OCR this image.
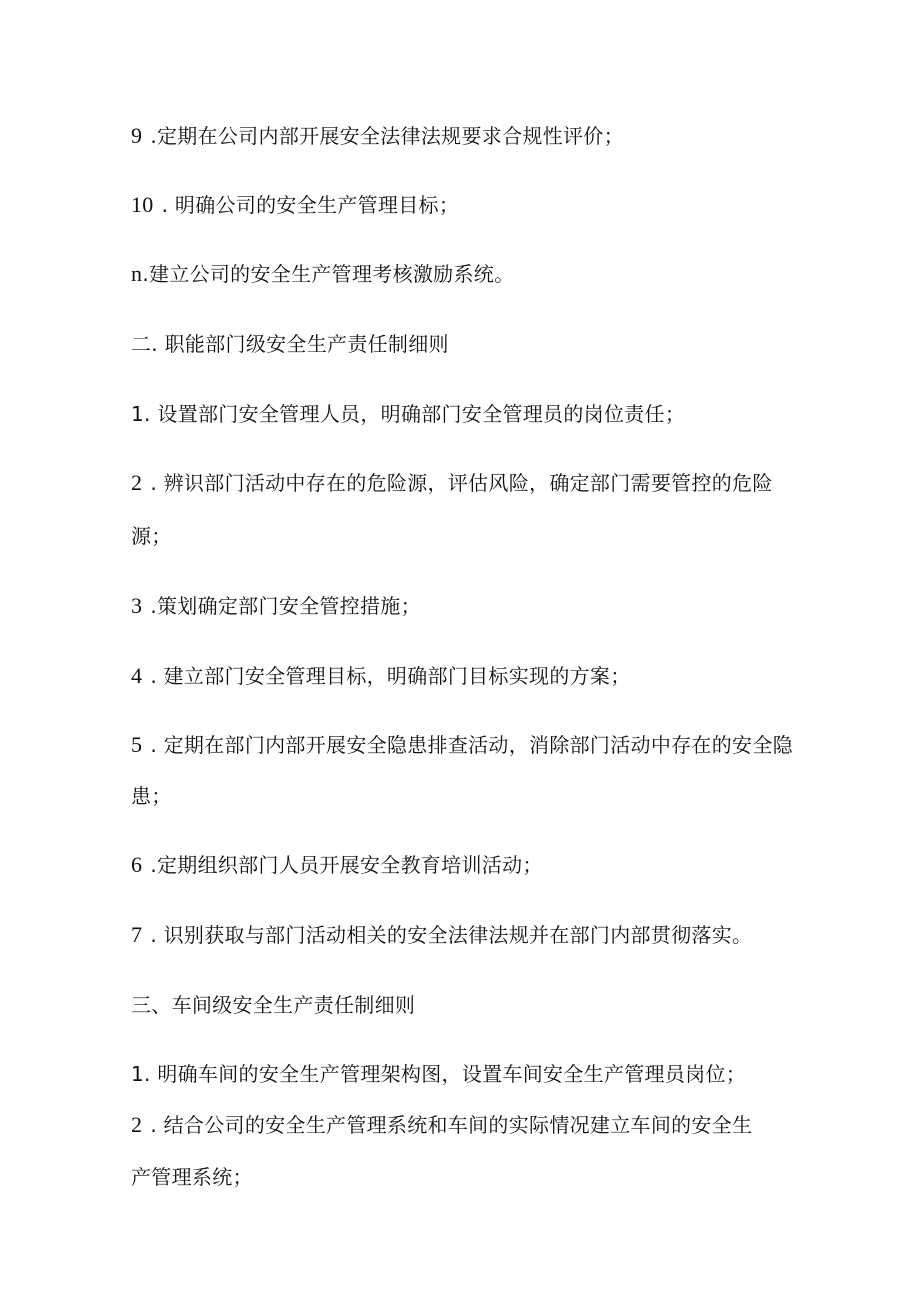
9 .定期在公司内部开展安全法律法规要求合规性评价；
10 . 明确公司的安全生产管理目标；
n.建立公司的安全生产管理考核激励系统。
二. 职能部门级安全生产责任制细则
1. 设置部门安全管理人员，明确部门安全管理员的岗位责任；
2 . 辨识部门活动中存在的危险源，评估风险，确定部门需要管控的危险
源；
3 .策划确定部门安全管控措施；
4 . 建立部门安全管理目标，明确部门目标实现的方案；
5 . 定期在部门内部开展安全隐患排查活动，消除部门活动中存在的安全隐
患；
6 .定期组织部门人员开展安全教育培训活动；
7 . 识别获取与部门活动相关的安全法律法规并在部门内部贯彻落实。
三、车间级安全生产责任制细则
1. 明确车间的安全生产管理架构图，设置车间安全生产管理员岗位；
2 . 结合公司的安全生产管理系统和车间的实际情况建立车间的安全生
产管理系统；
